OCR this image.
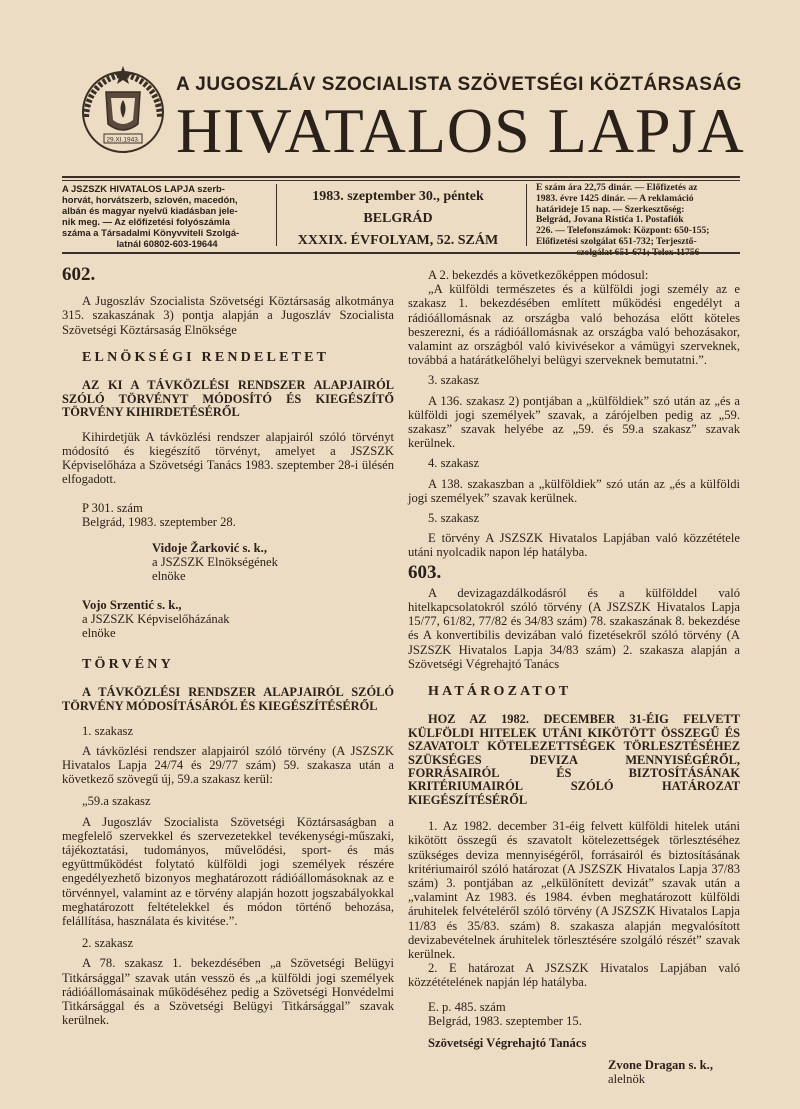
29.XI.1943.
A JUGOSZLÁV SZOCIALISTA SZÖVETSÉGI KÖZTÁRSASÁG
HIVATALOS LAPJA
A JSZSZK HIVATALOS LAPJA szerb-
horvát, horvátszerb, szlovén, macedón,
albán és magyar nyelvű kiadásban jele-
nik meg. — Az előfizetési folyószámla
száma a Társadalmi Könyvviteli Szolgá-

latnál 60802-603-19644
1983. szeptember 30., péntek
BELGRÁD
XXXIX. ÉVFOLYAM, 52. SZÁM
E szám ára 22,75 dinár. — Előfizetés az
1983. évre 1425 dinár. — A reklamáció
határideje 15 nap. — Szerkesztőség:
Belgrád, Jovana Ristića 1. Postafiók
226. — Telefonszámok: Központ: 650-155;
Előfizetési szolgálat 651-732; Terjesztő-

szolgálat 651-671; Telex 11756
602.

A Jugoszláv Szocialista Szövetségi Köztársaság alkotmánya 315. szakaszának 3) pontja alapján a Jugoszláv Szocialista Szövetségi Köztársaság Elnöksége

ELNÖKSÉGI RENDELETET

AZ KI A TÁVKÖZLÉSI RENDSZER ALAPJAIRÓL SZÓLÓ TÖRVÉNYT MÓDOSÍTÓ ÉS KIEGÉSZÍTŐ TÖRVÉNY KIHIRDETÉSÉRŐL

Kihirdetjük A távközlési rendszer alapjairól szóló törvényt módosító és kiegészítő törvényt, amelyet a JSZSZK Képviselőháza a Szövetségi Tanács 1983. szeptember 28-i ülésén elfogadott.

P 301. szám

Belgrád, 1983. szeptember 28.

Vidoje Žarković s. k.,

a JSZSZK Elnökségének

elnöke

Vojo Srzentić s. k.,

a JSZSZK Képviselőházának

elnöke

TÖRVÉNY

A TÁVKÖZLÉSI RENDSZER ALAPJAIRÓL SZÓLÓ TÖRVÉNY MÓDOSÍTÁSÁRÓL ÉS KIEGÉSZÍTÉSÉRŐL

1. szakasz

A távközlési rendszer alapjairól szóló törvény (A JSZSZK Hivatalos Lapja 24/74 és 29/77 szám) 59. szakasza után a következő szövegű új, 59.a szakasz kerül:

„59.a szakasz

A Jugoszláv Szocialista Szövetségi Köztársaságban a megfelelő szervekkel és szervezetekkel tevékenységi-műszaki, tájékoztatási, tudományos, művelődési, sport- és más együttműködést folytató külföldi jogi személyek részére engedélyezhető bizonyos meghatározott rádióállomásoknak az e törvénnyel, valamint az e törvény alapján hozott jogszabályokkal meghatározott feltételekkel és módon történő behozása, felállítása, használata és kivitése.”.

2. szakasz

A 78. szakasz 1. bekezdésében „a Szövetségi Belügyi Titkársággal” szavak után vesszö és „a külföldi jogi személyek rádióállomásainak működéséhez pedig a Szövetségi Honvédelmi Titkársággal és a Szövetségi Belügyi Titkársággal” szavak kerülnek.

A 2. bekezdés a következőképpen módosul:

„A külföldi természetes és a külföldi jogi személy az e szakasz 1. bekezdésében említett működési engedélyt a rádióállomásnak az országba való behozása előtt köteles beszerezni, és a rádióállomásnak az országba való behozásakor, valamint az országból való kivivésekor a vámügyi szerveknek, továbbá a határátkelőhelyi belügyi szerveknek bemutatni.”.

3. szakasz

A 136. szakasz 2) pontjában a „külföldiek” szó után az „és a külföldi jogi személyek” szavak, a zárójelben pedig az „59. szakasz” szavak helyébe az „59. és 59.a szakasz” szavak kerülnek.

4. szakasz

A 138. szakaszban a „külföldiek” szó után az „és a külföldi jogi személyek” szavak kerülnek.

5. szakasz

E törvény A JSZSZK Hivatalos Lapjában való közzététele utáni nyolcadik napon lép hatályba.

603.

A devizagazdálkodásról és a külfölddel való hitelkapcsolatokról szóló törvény (A JSZSZK Hivatalos Lapja 15/77, 61/82, 77/82 és 34/83 szám) 78. szakaszának 8. bekezdése és A konvertibilis devizában való fizetésekről szóló törvény (A JSZSZK Hivatalos Lapja 34/83 szám) 2. szakasza alapján a Szövetségi Végrehajtó Tanács

HATÁROZATOT

HOZ AZ 1982. DECEMBER 31-ÉIG FELVETT KÜLFÖLDI HITELEK UTÁNI KIKÖTÖTT ÖSSZEGŰ ÉS SZAVATOLT KÖTELEZETTSÉGEK TÖRLESZTÉSÉHEZ SZÜKSÉGES DEVIZA MENNYISÉGÉRŐL, FORRÁSAIRÓL ÉS BIZTOSÍTÁSÁNAK KRITÉRIUMAIRÓL SZÓLÓ HATÁROZAT KIEGÉSZÍTÉSÉRŐL

1. Az 1982. december 31-éig felvett külföldi hitelek utáni kikötött összegű és szavatolt kötelezettségek törlesztéséhez szükséges deviza mennyiségéről, forrásairól és biztosításának kritériumairól szóló határozat (A JSZSZK Hivatalos Lapja 37/83 szám) 3. pontjában az „elkülönített devizát” szavak után a „valamint Az 1983. és 1984. évben meghatározott külföldi áruhitelek felvételéről szóló törvény (A JSZSZK Hivatalos Lapja 11/83 és 35/83. szám) 8. szakasza alapján megvalósított devizabevételnek áruhitelek törlesztésére szolgáló részét” szavak kerülnek.

2. E határozat A JSZSZK Hivatalos Lapjában való közzétételének napján lép hatályba.

E. p. 485. szám

Belgrád, 1983. szeptember 15.

Szövetségi Végrehajtó Tanács

Zvone Dragan s. k.,

alelnök
